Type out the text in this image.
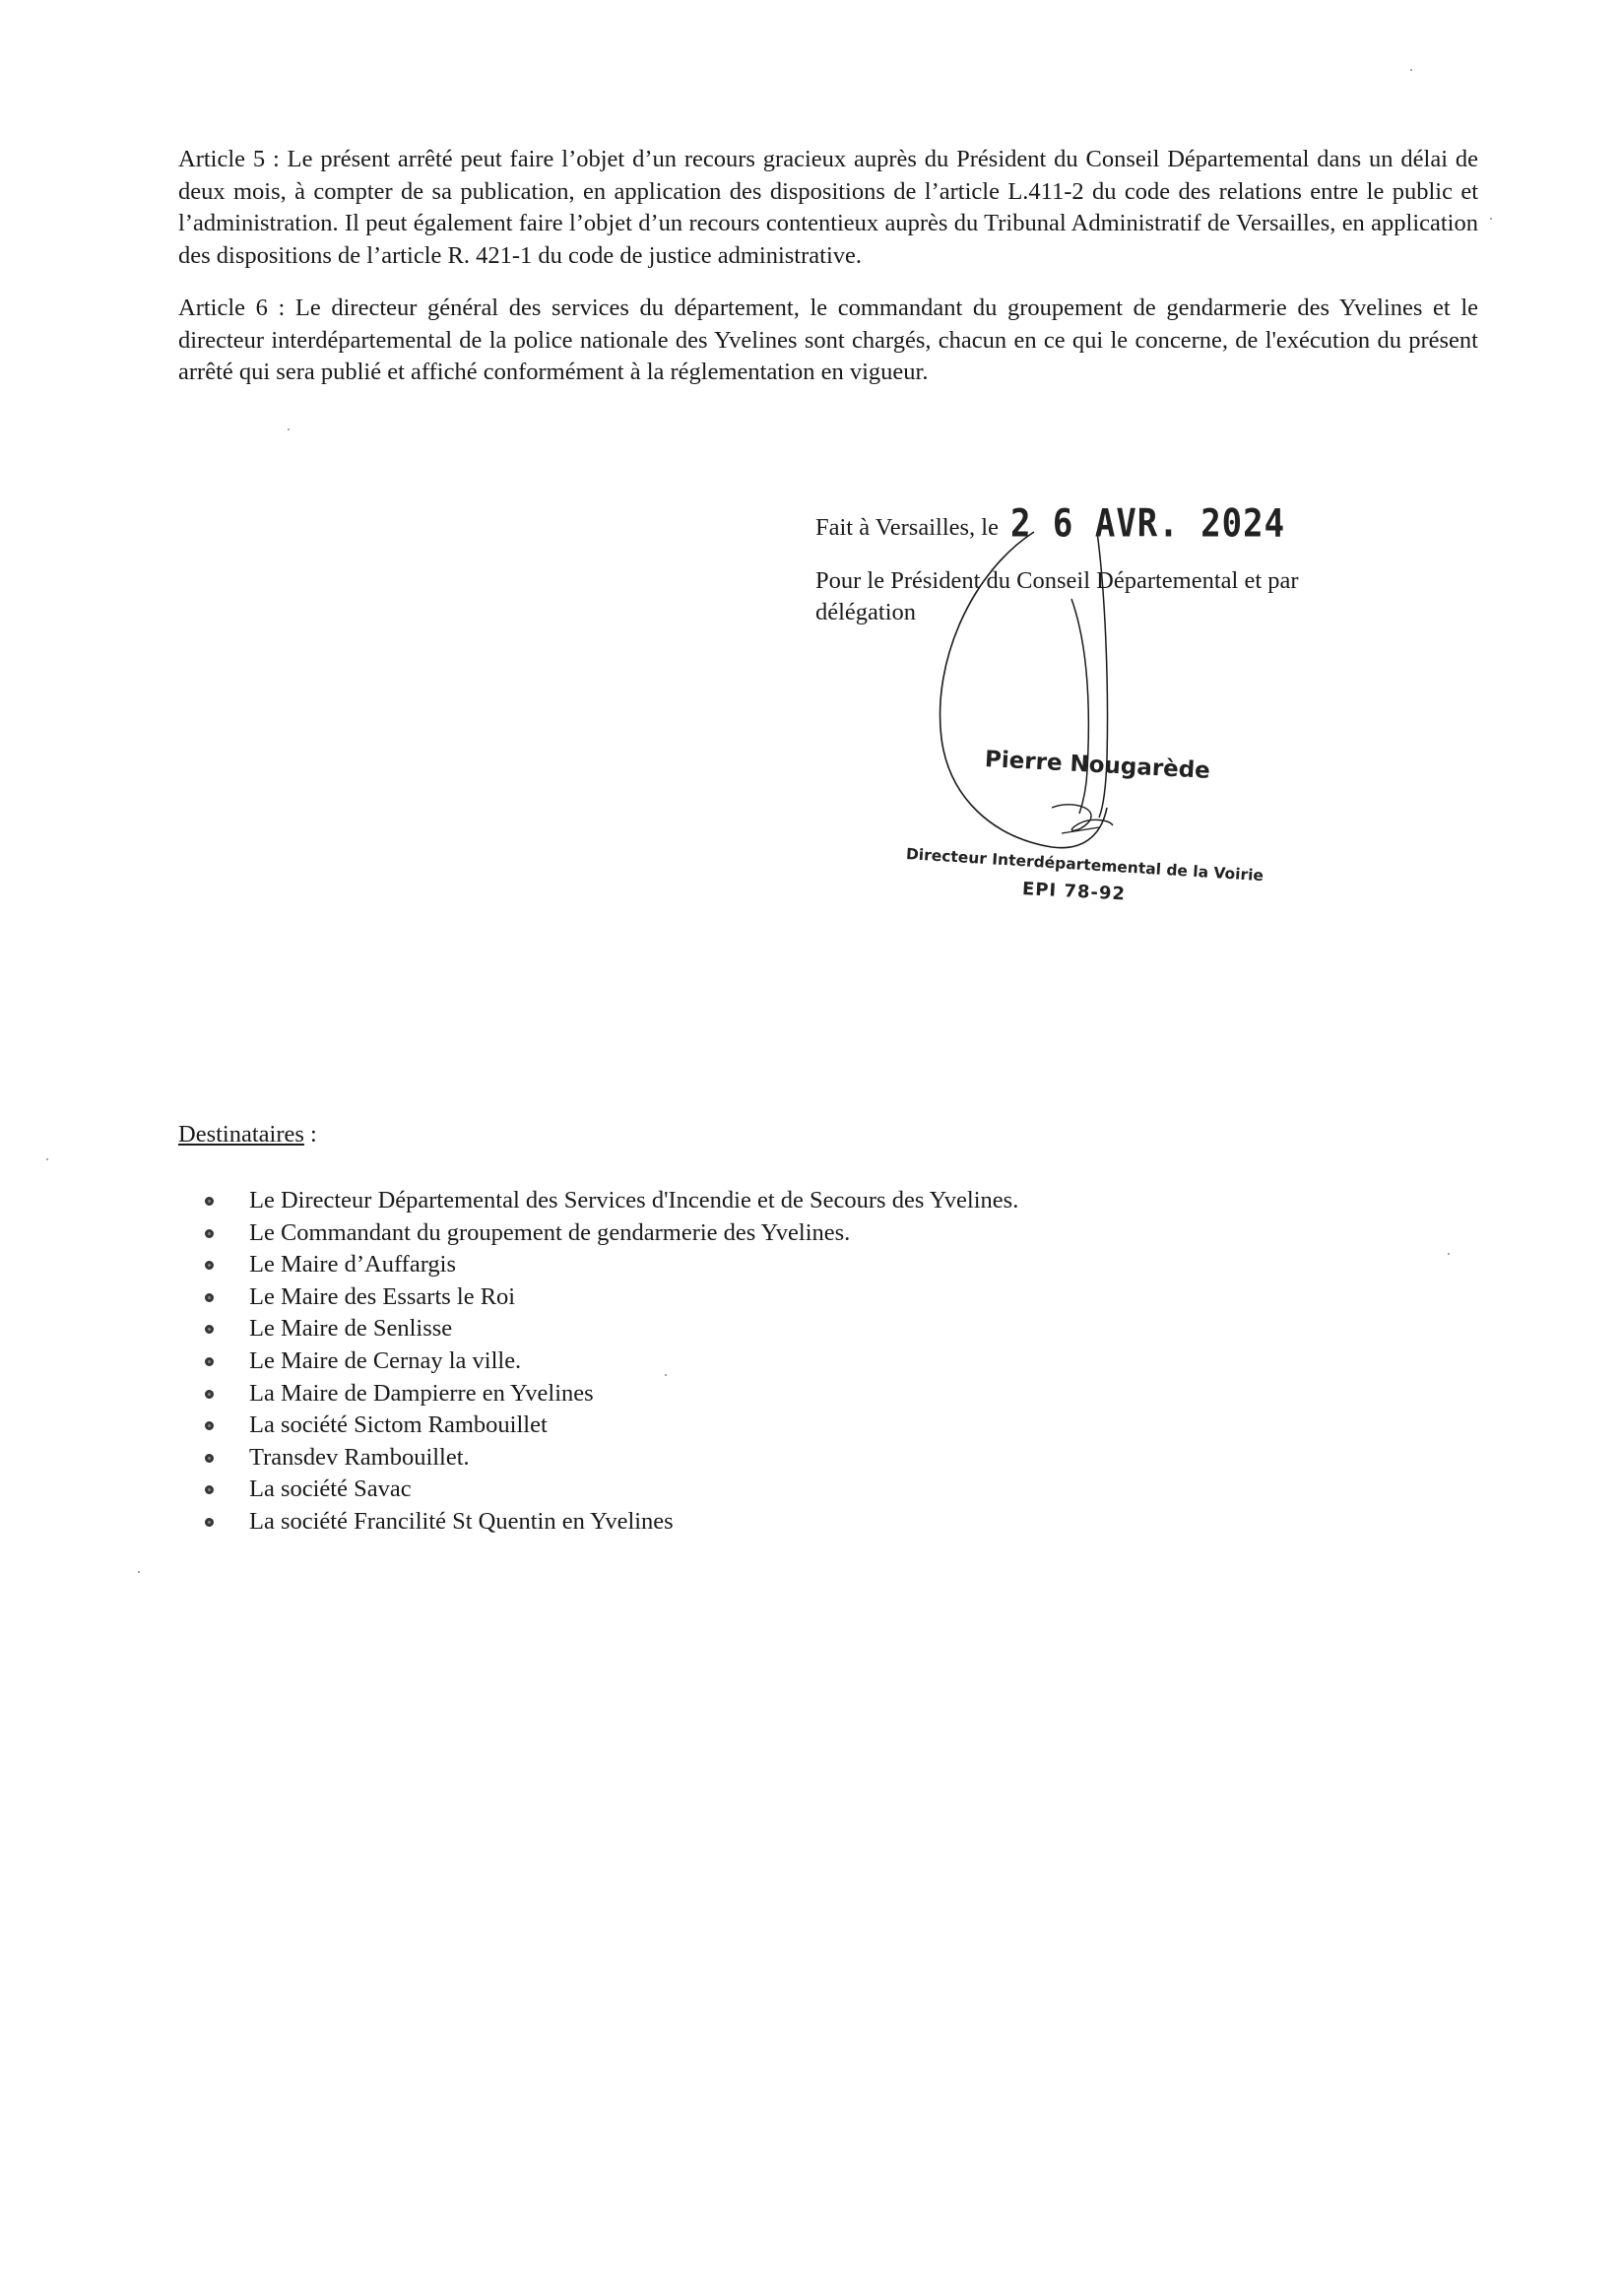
Article 5 : Le présent arrêté peut faire l’objet d’un recours gracieux auprès du Président du Conseil Départemental dans un délai de deux mois, à compter de sa publication, en application des dispositions de l’article L.411-2 du code des relations entre le public et l’administration. Il peut également faire l’objet d’un recours contentieux auprès du Tribunal Administratif de Versailles, en application des dispositions de l’article R. 421-1 du code de justice administrative.

Article 6 : Le directeur général des services du département, le commandant du groupement de gendarmerie des Yvelines et le directeur interdépartemental de la police nationale des Yvelines sont chargés, chacun en ce qui le concerne, de l'exécution du présent arrêté qui sera publié et affiché conformément à la réglementation en vigueur.

Fait à Versailles, le 2 6 AVR. 2024
Pour le Président du Conseil Départemental et par délégation
Pierre Nougarède
Directeur Interdépartemental de la Voirie
EPI 78-92
Destinataires :
Le Directeur Départemental des Services d'Incendie et de Secours des Yvelines.
Le Commandant du groupement de gendarmerie des Yvelines.
Le Maire d’Auffargis
Le Maire des Essarts le Roi
Le Maire de Senlisse
Le Maire de Cernay la ville.
La Maire de Dampierre en Yvelines
La société Sictom Rambouillet
Transdev Rambouillet.
La société Savac
La société Francilité St Quentin en Yvelines
